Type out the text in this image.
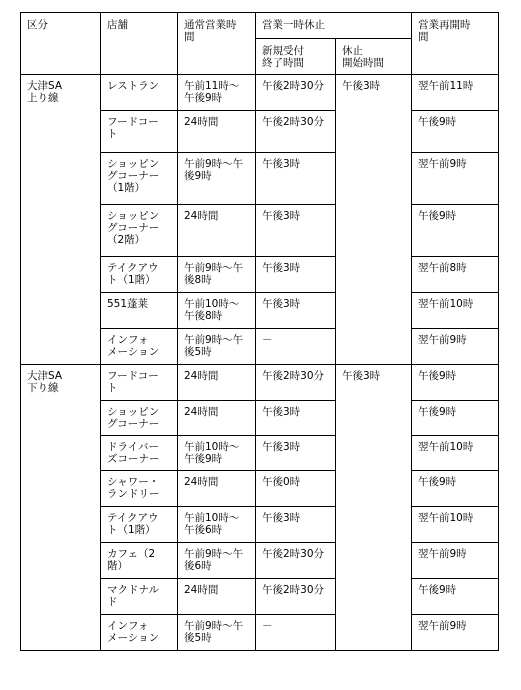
区分	店舗	通常営業時
間	営業一時休止		営業再開時
間

			新規受付
終了時間	休止
開始時間	

大津SA
上り線	レストラン	午前11時～
午後9時	午後2時30分	午後3時	翌午前11時

	フードコー
ト	24時間	午後2時30分		午後9時

	ショッピン
グコーナー
（1階）	午前9時～午
後9時	午後3時		翌午前9時

	ショッピン
グコーナー
（2階）	24時間	午後3時		午後9時

	テイクアウ
ト（1階）	午前9時～午
後8時	午後3時		翌午前8時

	551蓬莱	午前10時～
午後8時	午後3時		翌午前10時

	インフォ
メーション	午前9時～午
後5時	－		翌午前9時

大津SA
下り線	フードコー
ト	24時間	午後2時30分	午後3時	午後9時

	ショッピン
グコーナー	24時間	午後3時		午後9時

	ドライバー
ズコーナー	午前10時～
午後9時	午後3時		翌午前10時

	シャワー・
ランドリー	24時間	午後0時		午後9時

	テイクアウ
ト（1階）	午前10時～
午後6時	午後3時		翌午前10時

	カフェ（2
階）	午前9時～午
後6時	午後2時30分		翌午前9時

	マクドナル
ド	24時間	午後2時30分		午後9時

	インフォ
メーション	午前9時～午
後5時	－		翌午前9時
